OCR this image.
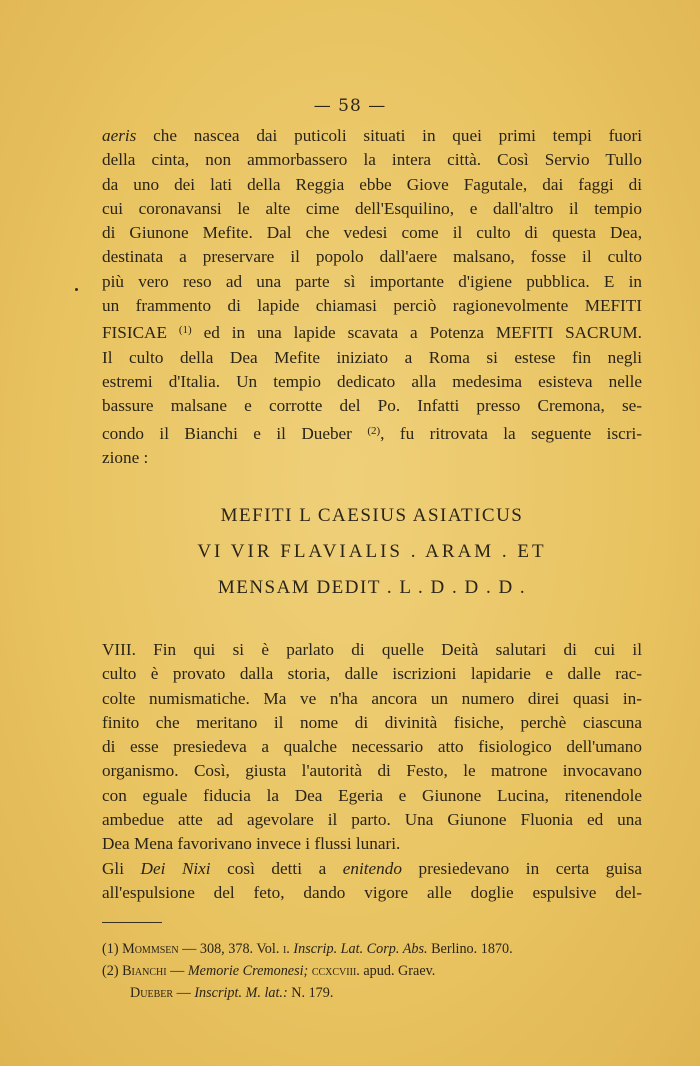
— 58 —
aeris che nascea dai puticoli situati in quei primi tempi fuori
della cinta, non ammorbassero la intera città. Così Servio Tullo
da uno dei lati della Reggia ebbe Giove Fagutale, dai faggi di
cui coronavansi le alte cime dell'Esquilino, e dall'altro il tempio
di Giunone Mefite. Dal che vedesi come il culto di questa Dea,
destinata a preservare il popolo dall'aere malsano, fosse il culto
più vero reso ad una parte sì importante d'igiene pubblica. E in
un frammento di lapide chiamasi perciò ragionevolmente MEFITI
FISICAE $^{(1)}$ ed in una lapide scavata a Potenza MEFITI SACRUM.
Il culto della Dea Mefite iniziato a Roma si estese fin negli
estremi d'Italia. Un tempio dedicato alla medesima esisteva nelle
bassure malsane e corrotte del Po. Infatti presso Cremona, se-
condo il Bianchi e il Dueber $^{(2)}$, fu ritrovata la seguente iscri-
zione :
MEFITI L CAESIUS ASIATICUS
VI VIR FLAVIALIS . ARAM . ET
MENSAM DEDIT . L . D . D . D .
VIII. Fin qui si è parlato di quelle Deità salutari di cui il
culto è provato dalla storia, dalle iscrizioni lapidarie e dalle rac-
colte numismatiche. Ma ve n'ha ancora un numero direi quasi in-
finito che meritano il nome di divinità fisiche, perchè ciascuna
di esse presiedeva a qualche necessario atto fisiologico dell'umano
organismo. Così, giusta l'autorità di Festo, le matrone invocavano
con eguale fiducia la Dea Egeria e Giunone Lucina, ritenendole
ambedue atte ad agevolare il parto. Una Giunone Fluonia ed una
Dea Mena favorivano invece i flussi lunari.
Gli Dei Nixi così detti a enitendo presiedevano in certa guisa
all'espulsione del feto, dando vigore alle doglie espulsive del-
(1) Mommsen — 308, 378. Vol. i. Inscrip. Lat. Corp. Abs. Berlino. 1870.
(2) Bianchi — Memorie Cremonesi; ccxcviii. apud. Graev.
Dueber — Inscript. M. lat.: N. 179.
